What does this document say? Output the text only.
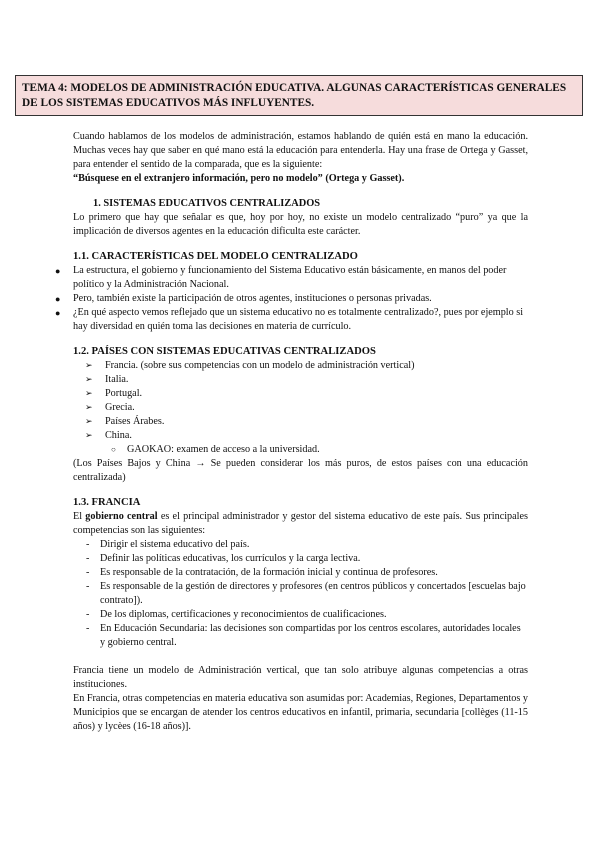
TEMA 4: MODELOS DE ADMINISTRACIÓN EDUCATIVA. ALGUNAS CARACTERÍSTICAS GENERALES DE LOS SISTEMAS EDUCATIVOS MÁS INFLUYENTES.

Cuando hablamos de los modelos de administración, estamos hablando de quién está en mano la educación. Muchas veces hay que saber en qué mano está la educación para entenderla. Hay una frase de Ortega y Gasset, para entender el sentido de la comparada, que es la siguiente:

“Búsquese en el extranjero información, pero no modelo” (Ortega y Gasset).

1. SISTEMAS EDUCATIVOS CENTRALIZADOS

Lo primero que hay que señalar es que, hoy por hoy, no existe un modelo centralizado “puro” ya que la implicación de diversos agentes en la educación dificulta este carácter.

1.1. CARACTERÍSTICAS DEL MODELO CENTRALIZADO

● La estructura, el gobierno y funcionamiento del Sistema Educativo están básicamente, en manos del poder político y la Administración Nacional.
● Pero, también existe la participación de otros agentes, instituciones o personas privadas.
● ¿En qué aspecto vemos reflejado que un sistema educativo no es totalmente centralizado?, pues por ejemplo si hay diversidad en quién toma las decisiones en materia de currículo.

1.2. PAÍSES CON SISTEMAS EDUCATIVAS CENTRALIZADOS

➢ Francia. (sobre sus competencias con un modelo de administración vertical)
➢ Italia.
➢ Portugal.
➢ Grecia.
➢ Países Árabes.
➢ China.

○ GAOKAO: examen de acceso a la universidad.

(Los Países Bajos y China → Se pueden considerar los más puros, de estos países con una educación centralizada)

1.3. FRANCIA

El gobierno central es el principal administrador y gestor del sistema educativo de este país. Sus principales competencias son las siguientes:

- Dirigir el sistema educativo del país.
- Definir las políticas educativas, los currículos y la carga lectiva.
- Es responsable de la contratación, de la formación inicial y continua de profesores.
- Es responsable de la gestión de directores y profesores (en centros públicos y concertados [escuelas bajo contrato]).
- De los diplomas, certificaciones y reconocimientos de cualificaciones.
- En Educación Secundaria: las decisiones son compartidas por los centros escolares, autoridades locales y gobierno central.

Francia tiene un modelo de Administración vertical, que tan solo atribuye algunas competencias a otras instituciones.

En Francia, otras competencias en materia educativa son asumidas por: Academias, Regiones, Departamentos y Municipios que se encargan de atender los centros educativos en infantil, primaria, secundaria [collèges (11-15 años) y lycèes (16-18 años)].
